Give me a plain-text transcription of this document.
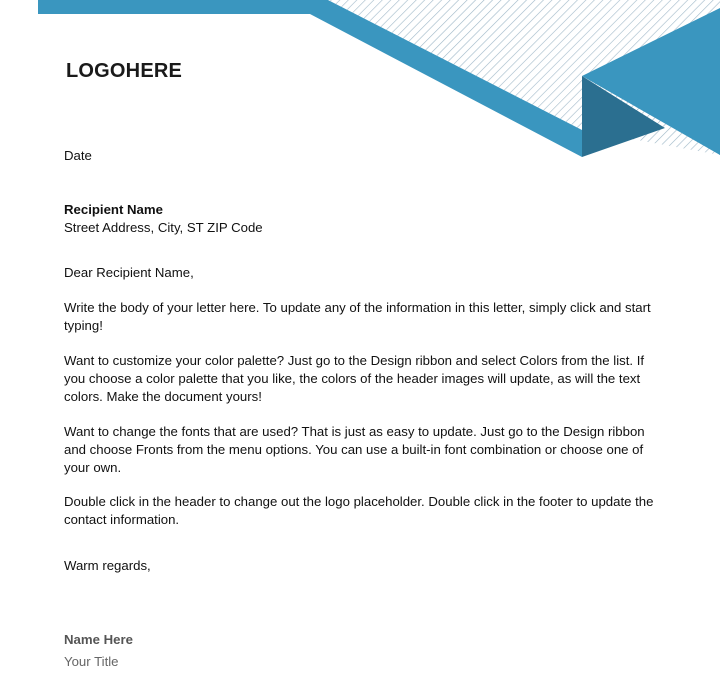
LOGOHERE
Date
Recipient Name
Street Address, City, ST ZIP Code
Dear Recipient Name,
Write the body of your letter here. To update any of the information in this letter, simply click and start typing!
Want to customize your color palette? Just go to the Design ribbon and select Colors from the list. If you choose a color palette that you like, the colors of the header images will update, as will the text colors. Make the document yours!
Want to change the fonts that are used? That is just as easy to update. Just go to the Design ribbon and choose Fronts from the menu options. You can use a built-in font combination or choose one of your own.
Double click in the header to change out the logo placeholder. Double click in the footer to update the contact information.
Warm regards,
Name Here
Your Title
